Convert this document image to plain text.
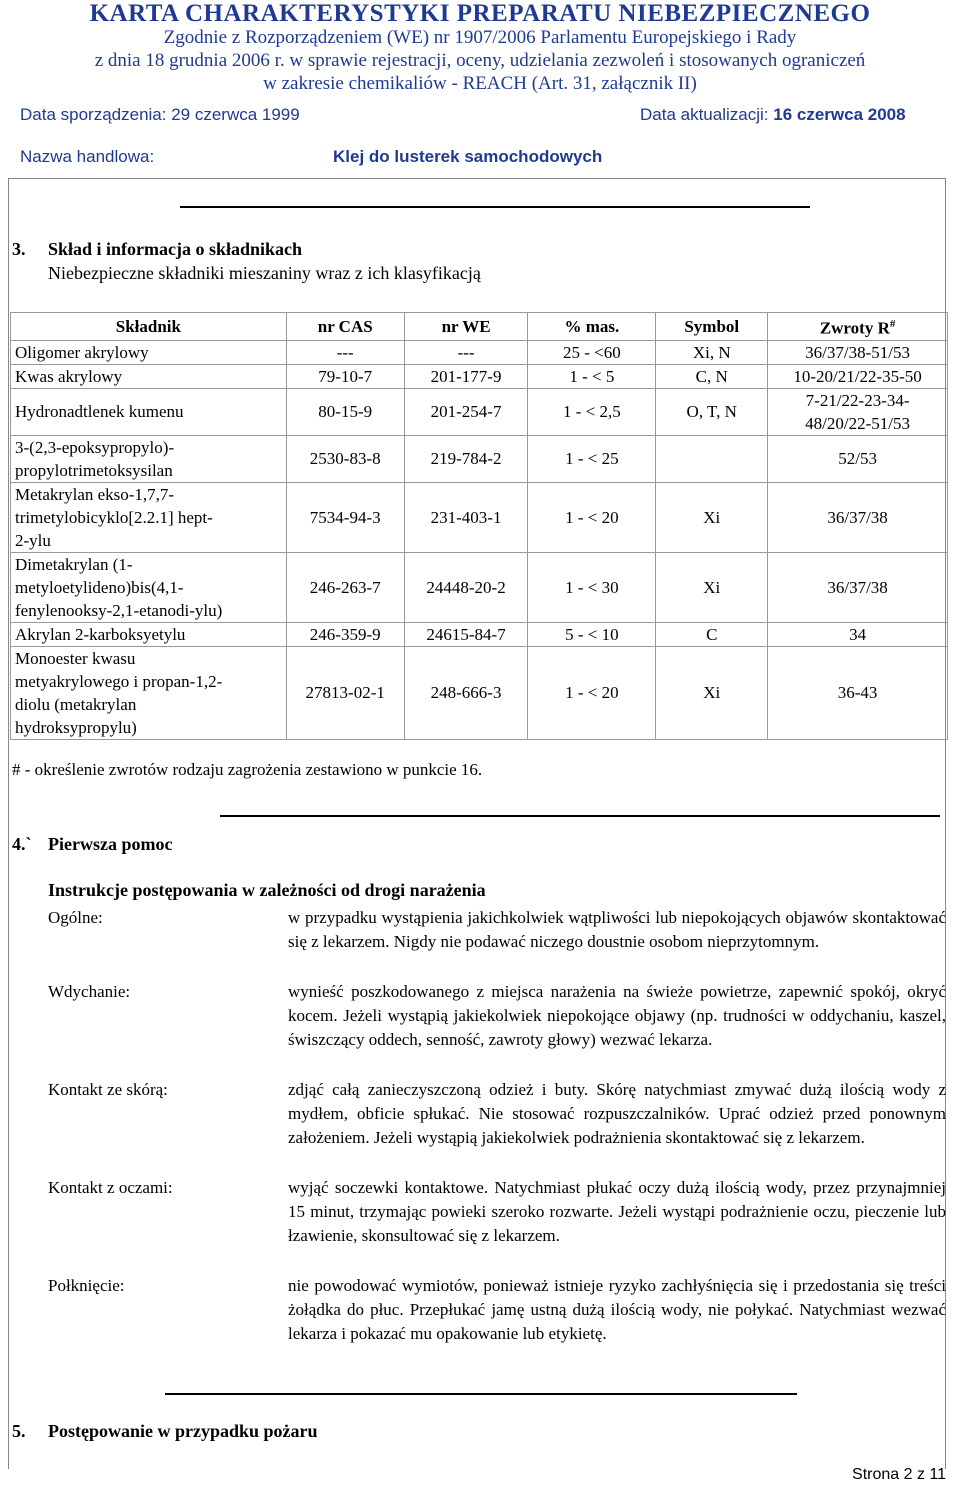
KARTA CHARAKTERYSTYKI PREPARATU NIEBEZPIECZNEGO
Zgodnie z Rozporządzeniem (WE) nr 1907/2006 Parlamentu Europejskiego i Rady
z dnia 18 grudnia 2006 r. w sprawie rejestracji, oceny, udzielania zezwoleń i stosowanych ograniczeń
w zakresie chemikaliów - REACH (Art. 31, załącznik II)
Data sporządzenia: 29 czerwca 1999	Data aktualizacji: 16 czerwca 2008
Nazwa handlowa:	Klej do lusterek samochodowych
3. Skład i informacja o składnikach
Niebezpieczne składniki mieszaniny wraz z ich klasyfikacją
Składnik	nr CAS	nr WE	% mas.	Symbol	Zwroty R#
Oligomer akrylowy	---	---	25 - <60	Xi, N	36/37/38-51/53
Kwas akrylowy	79-10-7	201-177-9	1 - < 5	C, N	10-20/21/22-35-50
Hydronadtlenek kumenu	80-15-9	201-254-7	1 - < 2,5	O, T, N	7-21/22-23-34-
48/20/22-51/53
3-(2,3-epoksypropylo)-
propylotrimetoksysilan	2530-83-8	219-784-2	1 - < 25		52/53
Metakrylan ekso-1,7,7-
trimetylobicyklo[2.2.1] hept-
2-ylu	7534-94-3	231-403-1	1 - < 20	Xi	36/37/38
Dimetakrylan (1-
metyloetylideno)bis(4,1-
fenylenooksy-2,1-etanodi-ylu)	246-263-7	24448-20-2	1 - < 30	Xi	36/37/38
Akrylan 2-karboksyetylu	246-359-9	24615-84-7	5 - < 10	C	34
Monoester kwasu
metyakrylowego i propan-1,2-
diolu (metakrylan
hydroksypropylu)	27813-02-1	248-666-3	1 - < 20	Xi	36-43
# - określenie zwrotów rodzaju zagrożenia zestawiono w punkcie 16.
4.` Pierwsza pomoc
Instrukcje postępowania w zależności od drogi narażenia
Ogólne:	w przypadku wystąpienia jakichkolwiek wątpliwości lub niepokojących objawów skontaktować się z lekarzem. Nigdy nie podawać niczego doustnie osobom nieprzytomnym.
Wdychanie:	wynieść poszkodowanego z miejsca narażenia na świeże powietrze, zapewnić spokój, okryć kocem. Jeżeli wystąpią jakiekolwiek niepokojące objawy (np. trudności w oddychaniu, kaszel, świszczący oddech, senność, zawroty głowy) wezwać lekarza.
Kontakt ze skórą:	zdjąć całą zanieczyszczoną odzież i buty. Skórę natychmiast zmywać dużą ilością wody z mydłem, obficie spłukać. Nie stosować rozpuszczalników. Uprać odzież przed ponownym założeniem. Jeżeli wystąpią jakiekolwiek podrażnienia skontaktować się z lekarzem.
Kontakt z oczami:	wyjąć soczewki kontaktowe. Natychmiast płukać oczy dużą ilością wody, przez przynajmniej 15 minut, trzymając powieki szeroko rozwarte. Jeżeli wystąpi podrażnienie oczu, pieczenie lub łzawienie, skonsultować się z lekarzem.
Połknięcie:	nie powodować wymiotów, ponieważ istnieje ryzyko zachłyśnięcia się i przedostania się treści żołądka do płuc. Przepłukać jamę ustną dużą ilością wody, nie połykać. Natychmiast wezwać lekarza i pokazać mu opakowanie lub etykietę.
5. Postępowanie w przypadku pożaru
Strona 2 z 11
